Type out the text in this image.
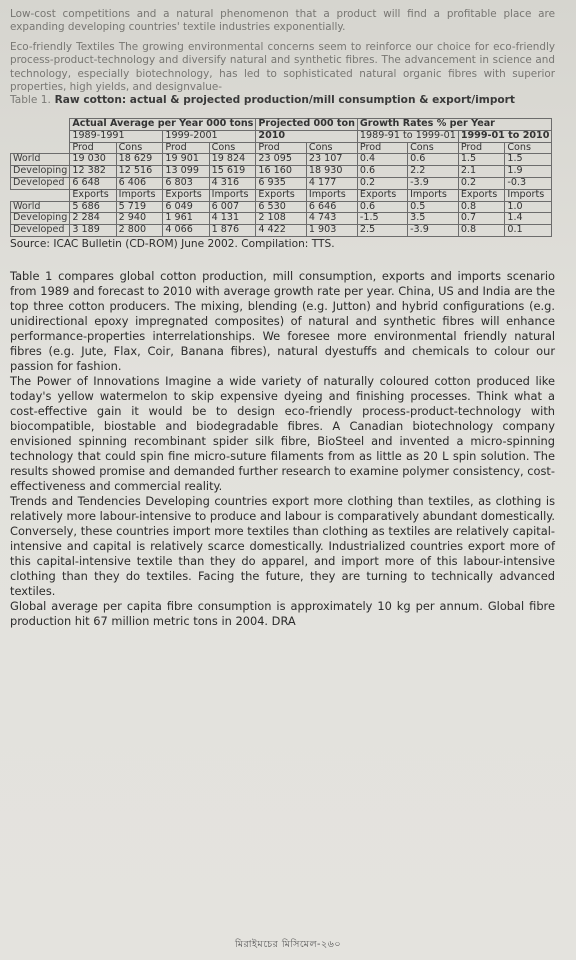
Low-cost competitions and a natural phenomenon that a product will find a profitable place are expanding developing countries' textile industries exponentially.

Eco-friendly Textiles The growing environmental concerns seem to reinforce our choice for eco-friendly process-product-technology and diversify natural and synthetic fibres. The advancement in science and technology, especially biotechnology, has led to sophisticated natural organic fibres with superior properties, high yields, and designvalue-

Table 1. Raw cotton: actual & projected production/mill consumption & export/import

	Actual Average per Year 000 tons				Projected 000 ton		Growth Rates % per Year			
	1989-1991		1999-2001		2010		1989-91 to 1999-01		1999-01 to 2010	
	Prod	Cons	Prod	Cons	Prod	Cons	Prod	Cons	Prod	Cons
World	19 030	18 629	19 901	19 824	23 095	23 107	0.4	0.6	1.5	1.5
Developing	12 382	12 516	13 099	15 619	16 160	18 930	0.6	2.2	2.1	1.9
Developed	6 648	6 406	6 803	4 316	6 935	4 177	0.2	-3.9	0.2	-0.3
	Exports	Imports	Exports	Imports	Exports	Imports	Exports	Imports	Exports	Imports
World	5 686	5 719	6 049	6 007	6 530	6 646	0.6	0.5	0.8	1.0
Developing	2 284	2 940	1 961	4 131	2 108	4 743	-1.5	3.5	0.7	1.4
Developed	3 189	2 800	4 066	1 876	4 422	1 903	2.5	-3.9	0.8	0.1

Source: ICAC Bulletin (CD-ROM) June 2002. Compilation: TTS.

Table 1 compares global cotton production, mill consumption, exports and imports scenario from 1989 and forecast to 2010 with average growth rate per year. China, US and India are the top three cotton producers. The mixing, blending (e.g. Jutton) and hybrid configurations (e.g. unidirectional epoxy impregnated composites) of natural and synthetic fibres will enhance performance-properties interrelationships. We foresee more environmental friendly natural fibres (e.g. Jute, Flax, Coir, Banana fibres), natural dyestuffs and chemicals to colour our passion for fashion.

The Power of Innovations Imagine a wide variety of naturally coloured cotton produced like today's yellow watermelon to skip expensive dyeing and finishing processes. Think what a cost-effective gain it would be to design eco-friendly process-product-technology with biocompatible, biostable and biodegradable fibres. A Canadian biotechnology company envisioned spinning recombinant spider silk fibre, BioSteel and invented a micro-spinning technology that could spin fine micro-suture filaments from as little as 20 L spin solution. The results showed promise and demanded further research to examine polymer consistency, cost-effectiveness and commercial reality.

Trends and Tendencies Developing countries export more clothing than textiles, as clothing is relatively more labour-intensive to produce and labour is comparatively abundant domestically. Conversely, these countries import more textiles than clothing as textiles are relatively capital-intensive and capital is relatively scarce domestically. Industrialized countries export more of this capital-intensive textile than they do apparel, and import more of this labour-intensive clothing than they do textiles. Facing the future, they are turning to technically advanced textiles.

Global average per capita fibre consumption is approximately 10 kg per annum. Global fibre production hit 67 million metric tons in 2004. DRA

মিরাইমচের মিসিমেল-২৬০
